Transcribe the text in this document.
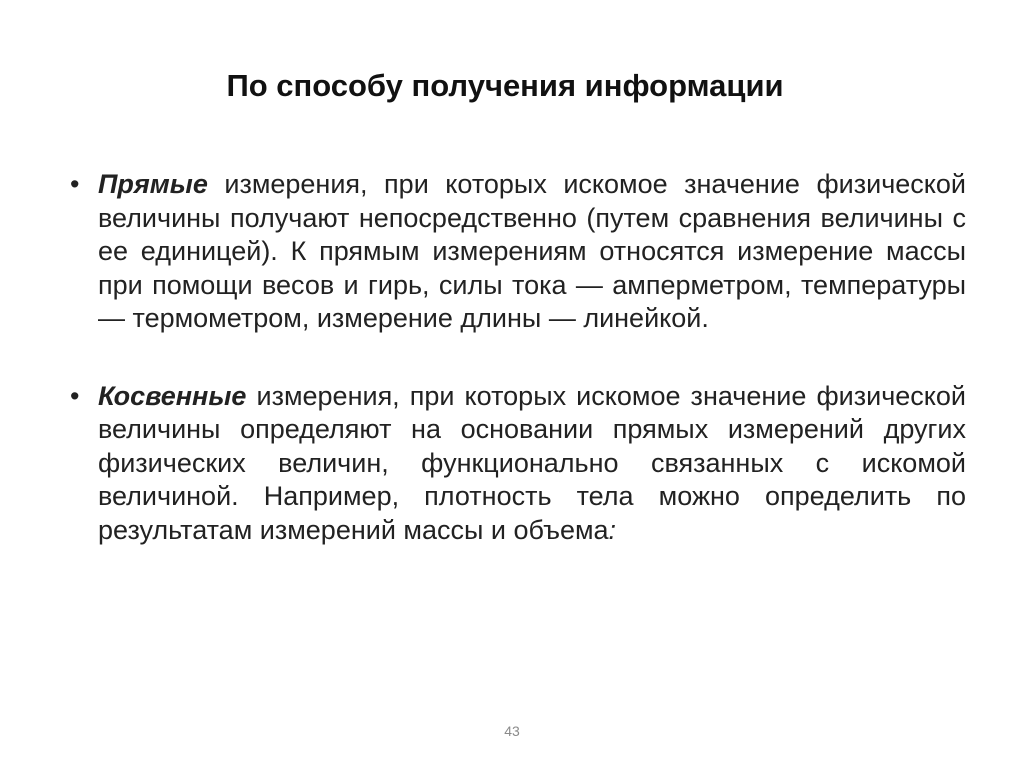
По способу получения информации
• Прямые измерения, при которых искомое значение физической величины получают непосредственно (путем сравнения величины с ее единицей). К прямым измерениям относятся измерение массы при помощи весов и гирь, силы тока — амперметром, температуры — термометром, измерение длины — линейкой.
• Косвенные измерения, при которых искомое значение физической величины определяют на основании прямых измерений других физических величин, функционально связанных с искомой величиной. Например, плотность тела можно определить по результатам измерений массы и объема:
43
